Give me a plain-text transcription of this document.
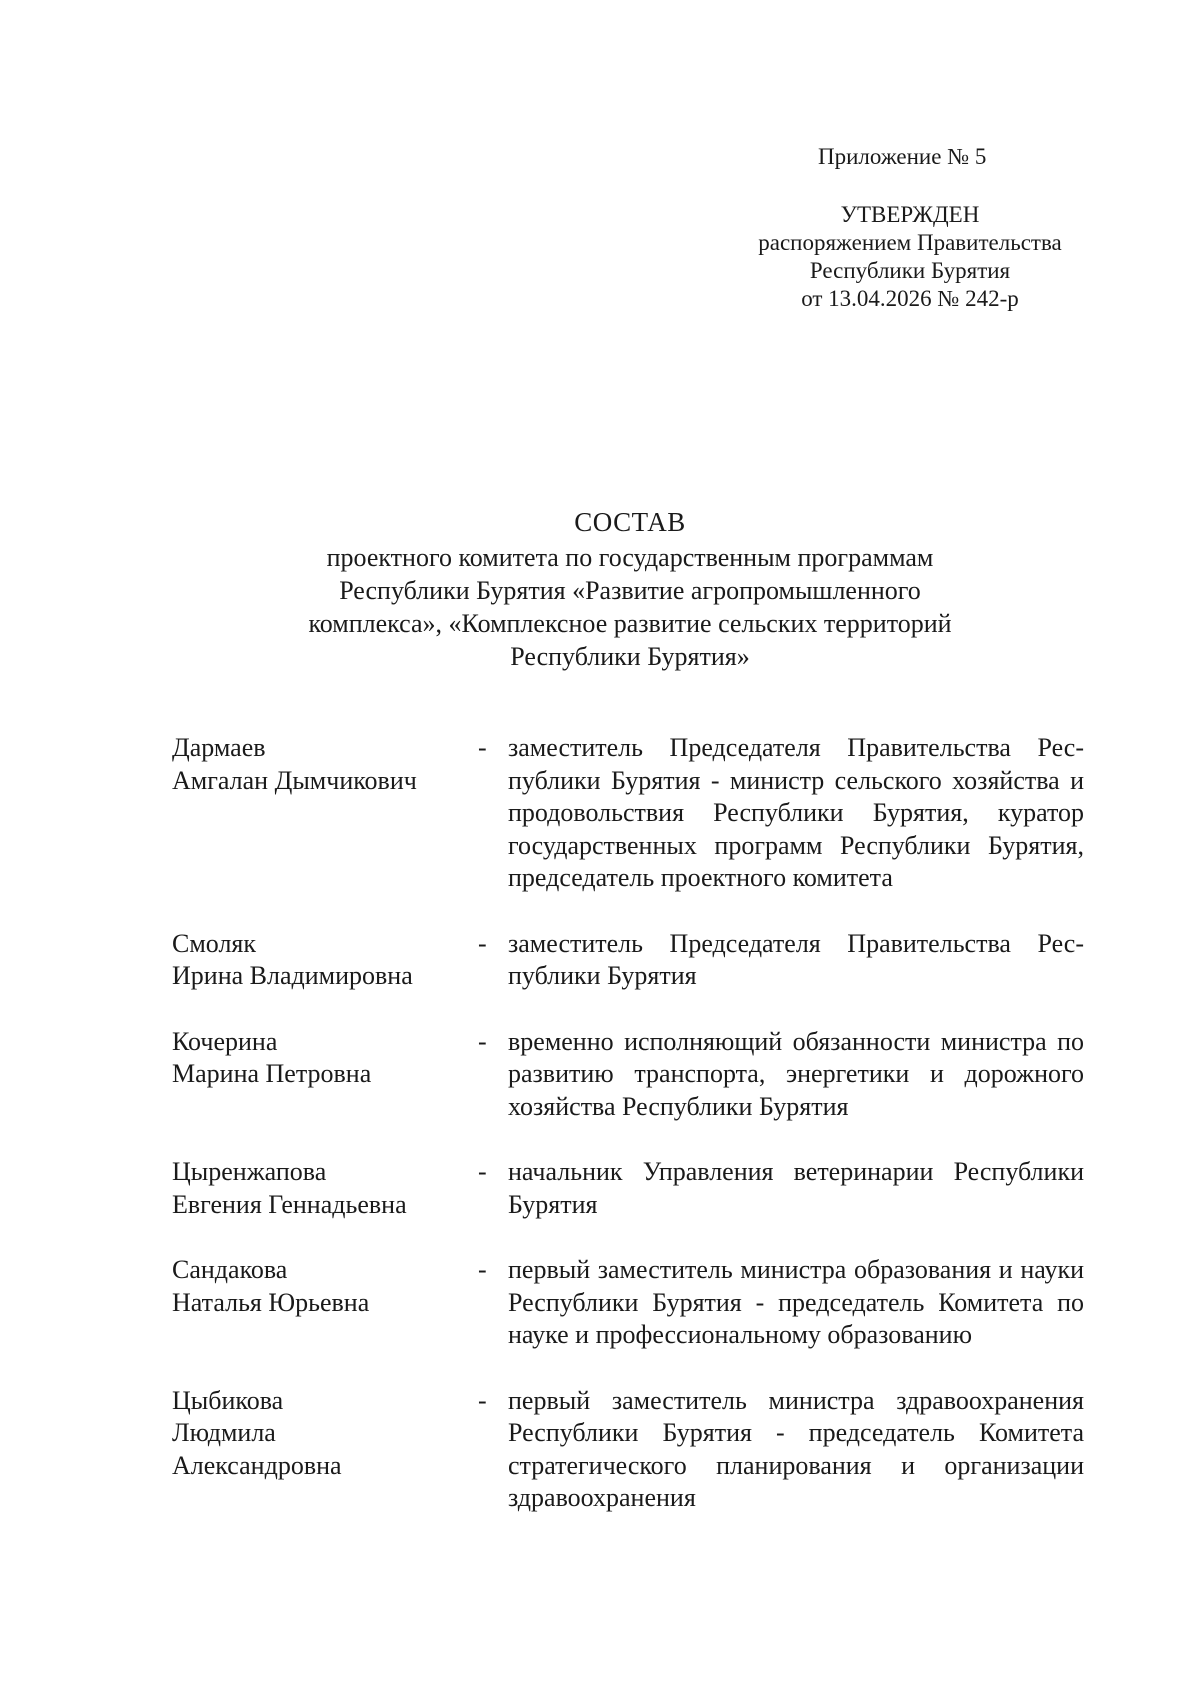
Приложение № 5
УТВЕРЖДЕН
распоряжением Правительства
Республики Бурятия
от 13.04.2026 № 242-р
СОСТАВ
проектного комитета по государственным программам
Республики Бурятия «Развитие агропромышленного
комплекса», «Комплексное развитие сельских территорий
Республики Бурятия»
Дармаев
Амгалан Дымчикович
- заместитель Председателя Правительства Республики Бурятия - министр сельского хозяйства и продовольствия Республики Бурятия, куратор государственных программ Республики Бурятия, председатель проектного комитета
Смоляк
Ирина Владимировна
- заместитель Председателя Правительства Республики Бурятия
Кочерина
Марина Петровна
- временно исполняющий обязанности министра по развитию транспорта, энергетики и дорожного хозяйства Республики Бурятия
Цыренжапова
Евгения Геннадьевна
- начальник Управления ветеринарии Республики Бурятия
Сандакова
Наталья Юрьевна
- первый заместитель министра образования и науки Республики Бурятия - председатель Комитета по науке и профессиональному образованию
Цыбикова
Людмила
Александровна
- первый заместитель министра здравоохранения Республики Бурятия - председатель Комитета стратегического планирования и организации здравоохранения
